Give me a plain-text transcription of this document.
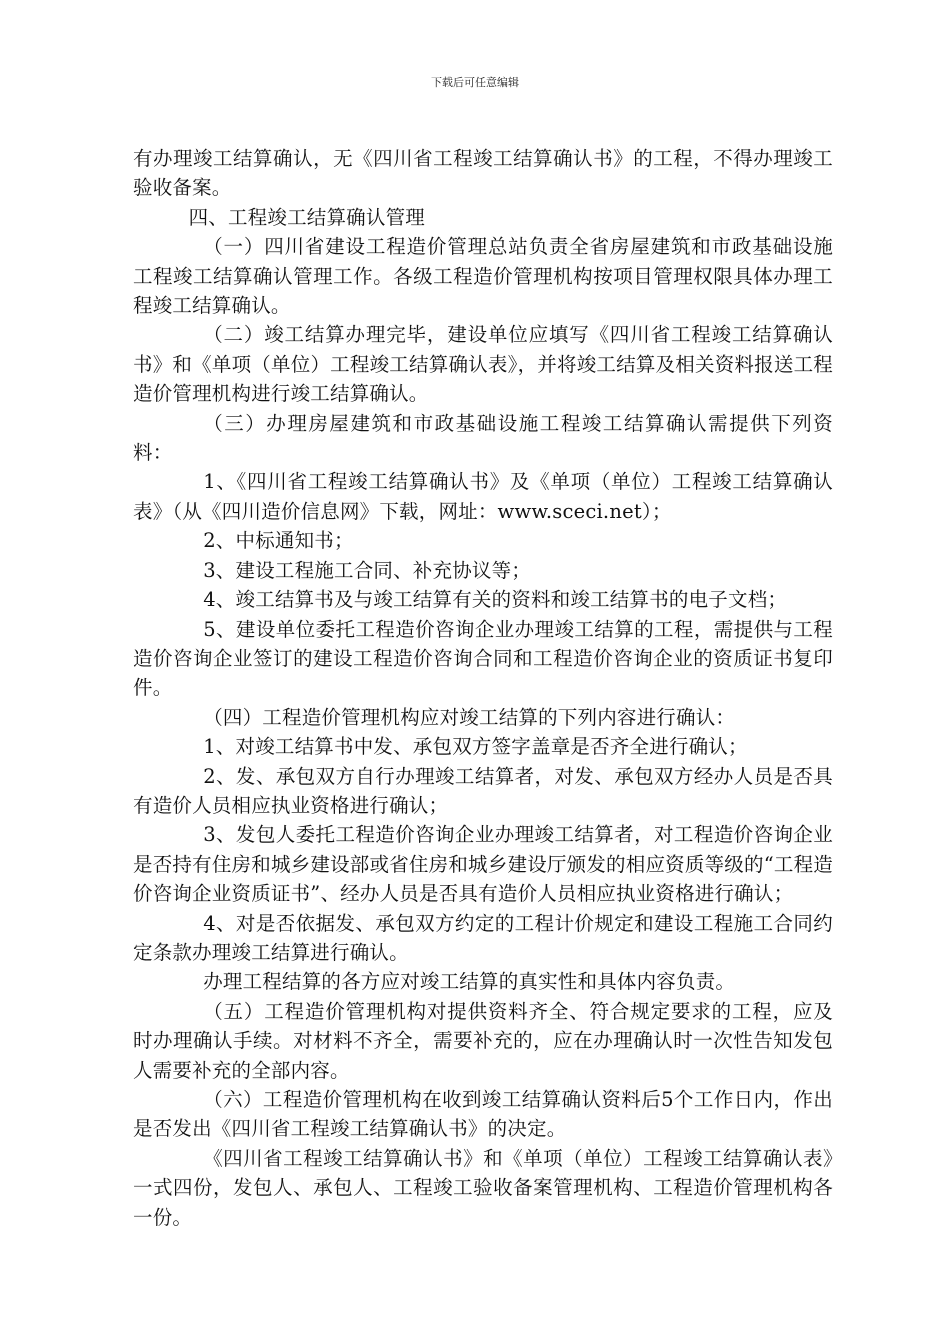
下载后可任意编辑

有办理竣工结算确认，无《四川省工程竣工结算确认书》的工程，不得办理竣工验收备案。

四、工程竣工结算确认管理

（一）四川省建设工程造价管理总站负责全省房屋建筑和市政基础设施工程竣工结算确认管理工作。各级工程造价管理机构按项目管理权限具体办理工程竣工结算确认。

（二）竣工结算办理完毕，建设单位应填写《四川省工程竣工结算确认书》和《单项（单位）工程竣工结算确认表》，并将竣工结算及相关资料报送工程造价管理机构进行竣工结算确认。

（三）办理房屋建筑和市政基础设施工程竣工结算确认需提供下列资料：

1、《四川省工程竣工结算确认书》及《单项（单位）工程竣工结算确认表》（从《四川造价信息网》下载，网址：www.sceci.net）；

2、中标通知书；

3、建设工程施工合同、补充协议等；

4、竣工结算书及与竣工结算有关的资料和竣工结算书的电子文档；

5、建设单位委托工程造价咨询企业办理竣工结算的工程，需提供与工程造价咨询企业签订的建设工程造价咨询合同和工程造价咨询企业的资质证书复印件。

（四）工程造价管理机构应对竣工结算的下列内容进行确认：

1、对竣工结算书中发、承包双方签字盖章是否齐全进行确认；

2、发、承包双方自行办理竣工结算者，对发、承包双方经办人员是否具有造价人员相应执业资格进行确认；

3、发包人委托工程造价咨询企业办理竣工结算者，对工程造价咨询企业是否持有住房和城乡建设部或省住房和城乡建设厅颁发的相应资质等级的“工程造价咨询企业资质证书”、经办人员是否具有造价人员相应执业资格进行确认；

4、对是否依据发、承包双方约定的工程计价规定和建设工程施工合同约定条款办理竣工结算进行确认。

办理工程结算的各方应对竣工结算的真实性和具体内容负责。

（五）工程造价管理机构对提供资料齐全、符合规定要求的工程，应及时办理确认手续。对材料不齐全，需要补充的，应在办理确认时一次性告知发包人需要补充的全部内容。

（六）工程造价管理机构在收到竣工结算确认资料后5个工作日内，作出是否发出《四川省工程竣工结算确认书》的决定。

《四川省工程竣工结算确认书》和《单项（单位）工程竣工结算确认表》一式四份，发包人、承包人、工程竣工验收备案管理机构、工程造价管理机构各一份。
